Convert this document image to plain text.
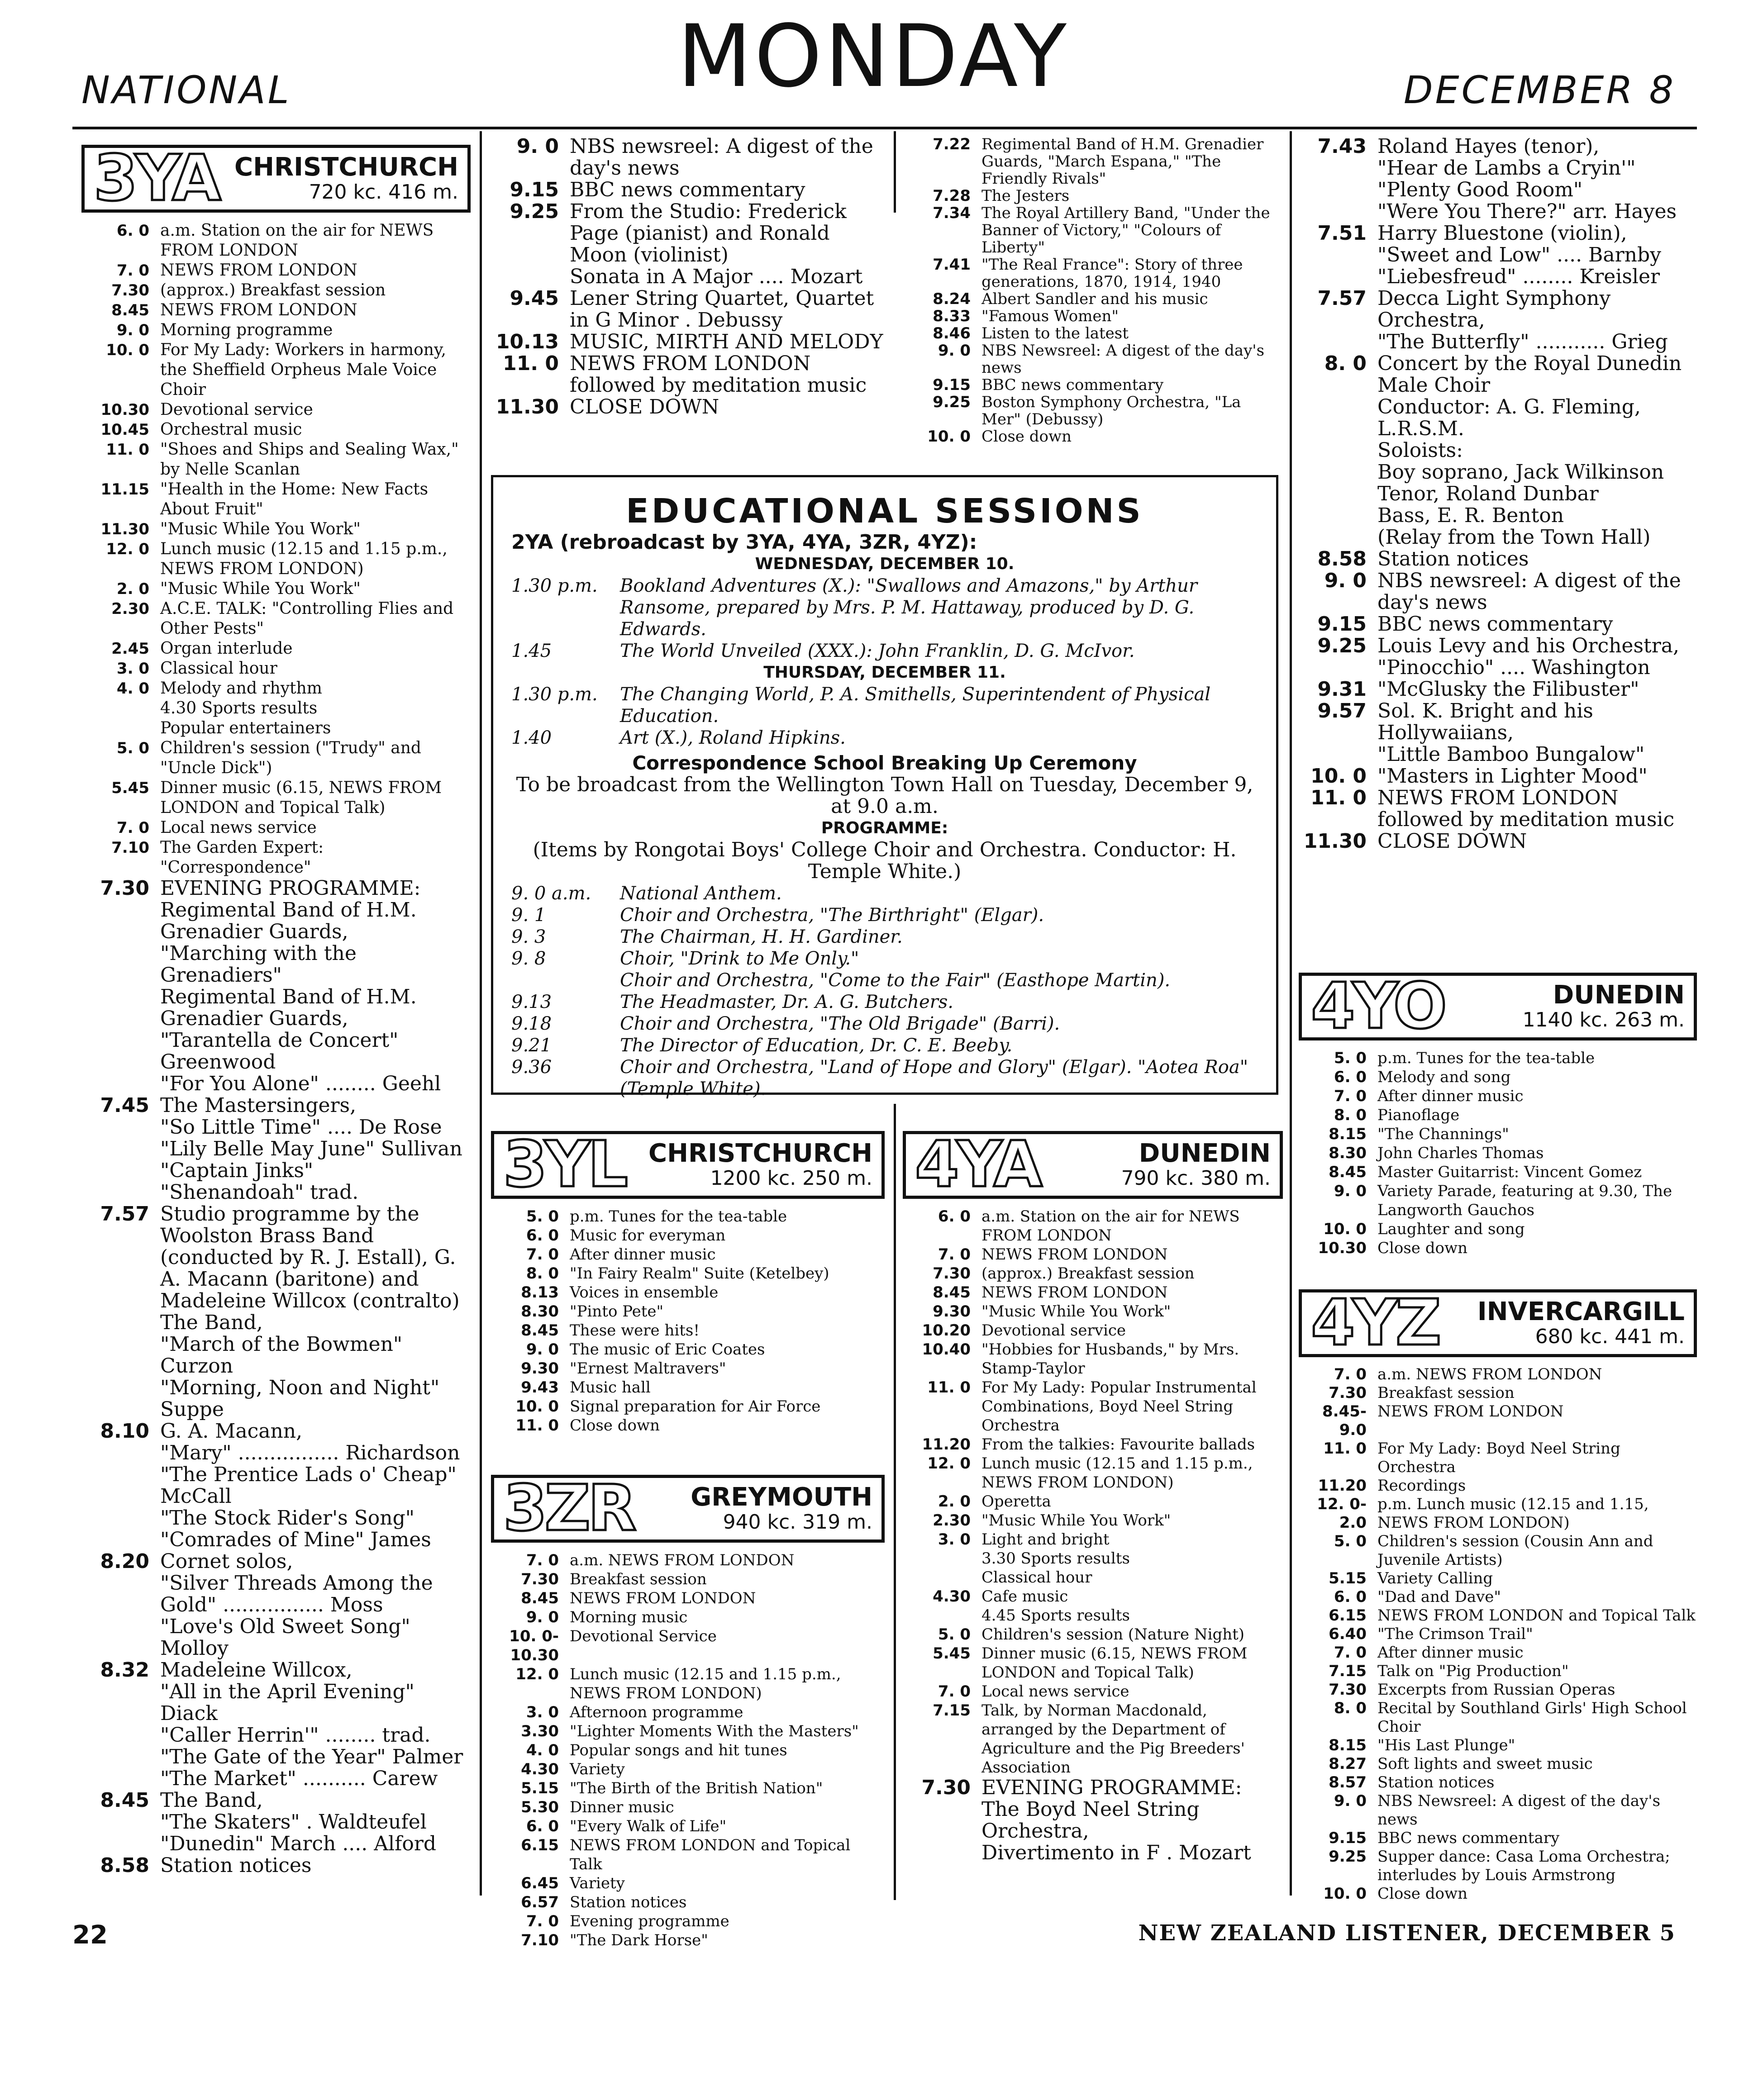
NATIONAL	MONDAY	DECEMBER 8
3YA CHRISTCHURCH
720 kc. 416 m.
6. 0 a.m. Station on the air for NEWS FROM LONDON
7. 0 NEWS FROM LONDON
7.30 (approx.) Breakfast session
8.45 NEWS FROM LONDON
9. 0 Morning programme
10. 0 For My Lady: Workers in harmony, the Sheffield Orpheus Male Voice Choir
10.30 Devotional service
10.45 Orchestral music
11. 0 "Shoes and Ships and Sealing Wax," by Nelle Scanlan
11.15 "Health in the Home: New Facts About Fruit"
11.30 "Music While You Work"
12. 0 Lunch music (12.15 and 1.15 p.m., NEWS FROM LONDON)
2. 0 "Music While You Work"
2.30 A.C.E. TALK: "Controlling Flies and Other Pests"
2.45 Organ interlude
3. 0 Classical hour
4. 0 Melody and rhythm
4.30 Sports results
Popular entertainers
5. 0 Children's session ("Trudy" and "Uncle Dick")
5.45 Dinner music (6.15, NEWS FROM LONDON and Topical Talk)
7. 0 Local news service
7.10 The Garden Expert: "Correspondence"
7.30 EVENING PROGRAMME:
Regimental Band of H.M. Grenadier Guards,
"Marching with the Grenadiers"
Regimental Band of H.M. Grenadier Guards,
"Tarantella de Concert" Greenwood
"For You Alone" ........ Geehl
7.45 The Mastersingers,
"So Little Time" .... De Rose
"Lily Belle May June" Sullivan
"Captain Jinks"
"Shenandoah" trad.
7.57 Studio programme by the Woolston Brass Band (conducted by R. J. Estall), G. A. Macann (baritone) and Madeleine Willcox (contralto)
The Band,
"March of the Bowmen" Curzon
"Morning, Noon and Night" Suppe
8.10 G. A. Macann,
"Mary" ................ Richardson
"The Prentice Lads o' Cheap" McCall
"The Stock Rider's Song"
"Comrades of Mine" James
8.20 Cornet solos,
"Silver Threads Among the Gold" ................ Moss
"Love's Old Sweet Song" Molloy
8.32 Madeleine Willcox,
"All in the April Evening" Diack
"Caller Herrin'" ........ trad.
"The Gate of the Year" Palmer
"The Market" .......... Carew
8.45 The Band,
"The Skaters" . Waldteufel
"Dunedin" March .... Alford
8.58 Station notices
9. 0 NBS newsreel: A digest of the day's news
9.15 BBC news commentary
9.25 From the Studio: Frederick Page (pianist) and Ronald Moon (violinist)
Sonata in A Major .... Mozart
9.45 Lener String Quartet, Quartet in G Minor . Debussy
10.13 MUSIC, MIRTH AND MELODY
11. 0 NEWS FROM LONDON followed by meditation music
11.30 CLOSE DOWN
7.22 Regimental Band of H.M. Grenadier Guards, "March Espana," "The Friendly Rivals"
7.28 The Jesters
7.34 The Royal Artillery Band, "Under the Banner of Victory," "Colours of Liberty"
7.41 "The Real France": Story of three generations, 1870, 1914, 1940
8.24 Albert Sandler and his music
8.33 "Famous Women"
8.46 Listen to the latest
9. 0 NBS Newsreel: A digest of the day's news
9.15 BBC news commentary
9.25 Boston Symphony Orchestra, "La Mer" (Debussy)
10. 0 Close down
EDUCATIONAL SESSIONS
2YA (rebroadcast by 3YA, 4YA, 3ZR, 4YZ):
WEDNESDAY, DECEMBER 10.
1.30 p.m.	Bookland Adventures (X.): "Swallows and Amazons," by Arthur Ransome, prepared by Mrs. P. M. Hattaway, produced by D. G. Edwards.
1.45	The World Unveiled (XXX.): John Franklin, D. G. McIvor.
THURSDAY, DECEMBER 11.
1.30 p.m.	The Changing World, P. A. Smithells, Superintendent of Physical Education.
1.40	Art (X.), Roland Hipkins.
Correspondence School Breaking Up Ceremony
To be broadcast from the Wellington Town Hall on Tuesday, December 9, at 9.0 a.m.
PROGRAMME:
(Items by Rongotai Boys' College Choir and Orchestra. Conductor: H. Temple White.)
9. 0 a.m.	National Anthem.
9. 1	Choir and Orchestra, "The Birthright" (Elgar).
9. 3	The Chairman, H. H. Gardiner.
9. 8	Choir, "Drink to Me Only."
Choir and Orchestra, "Come to the Fair" (Easthope Martin).
9.13	The Headmaster, Dr. A. G. Butchers.
9.18	Choir and Orchestra, "The Old Brigade" (Barri).
9.21	The Director of Education, Dr. C. E. Beeby.
9.36	Choir and Orchestra, "Land of Hope and Glory" (Elgar). "Aotea Roa" (Temple White).
3YL CHRISTCHURCH
1200 kc. 250 m.
5. 0 p.m. Tunes for the tea-table
6. 0 Music for everyman
7. 0 After dinner music
8. 0 "In Fairy Realm" Suite (Ketelbey)
8.13 Voices in ensemble
8.30 "Pinto Pete"
8.45 These were hits!
9. 0 The music of Eric Coates
9.30 "Ernest Maltravers"
9.43 Music hall
10. 0 Signal preparation for Air Force
11. 0 Close down
3ZR	GREYMOUTH
940 kc. 319 m.
7. 0 a.m. NEWS FROM LONDON
7.30 Breakfast session
8.45 NEWS FROM LONDON
9. 0 Morning music
10. 0-10.30
Devotional Service
12. 0 Lunch music (12.15 and 1.15 p.m., NEWS FROM LONDON)
3. 0 Afternoon programme
3.30 "Lighter Moments With the Masters"
4. 0 Popular songs and hit tunes
4.30 Variety
5.15 "The Birth of the British Nation"
5.30 Dinner music
6. 0 "Every Walk of Life"
6.15 NEWS FROM LONDON and Topical Talk
6.45 Variety
6.57 Station notices
7. 0 Evening programme
7.10 "The Dark Horse"
4YA	DUNEDIN
790 kc. 380 m.
6. 0 a.m. Station on the air for NEWS FROM LONDON
7. 0 NEWS FROM LONDON
7.30 (approx.) Breakfast session
8.45 NEWS FROM LONDON
9.30 "Music While You Work"
10.20 Devotional service
10.40 "Hobbies for Husbands," by Mrs. Stamp-Taylor
11. 0 For My Lady: Popular Instrumental Combinations, Boyd Neel String Orchestra
11.20 From the talkies: Favourite ballads
12. 0 Lunch music (12.15 and 1.15 p.m., NEWS FROM LONDON)
2. 0 Operetta
2.30 "Music While You Work"
3. 0 Light and bright
3.30 Sports results
Classical hour
4.30 Cafe music
4.45 Sports results
5. 0 Children's session (Nature Night)
5.45 Dinner music (6.15, NEWS FROM LONDON and Topical Talk)
7. 0 Local news service
7.15 Talk, by Norman Macdonald, arranged by the Department of Agriculture and the Pig Breeders' Association
7.30 EVENING PROGRAMME:
The Boyd Neel String Orchestra,
Divertimento in F . Mozart
7.43 Roland Hayes (tenor),
"Hear de Lambs a Cryin'"
"Plenty Good Room"
"Were You There?" arr. Hayes
7.51 Harry Bluestone (violin),
"Sweet and Low" .... Barnby
"Liebesfreud" ........ Kreisler
7.57 Decca Light Symphony Orchestra,
"The Butterfly" ........... Grieg
8. 0 Concert by the Royal Dunedin Male Choir
Conductor: A. G. Fleming, L.R.S.M.
Soloists:
Boy soprano, Jack Wilkinson
Tenor, Roland Dunbar
Bass, E. R. Benton
(Relay from the Town Hall)
8.58 Station notices
9. 0 NBS newsreel: A digest of the day's news
9.15 BBC news commentary
9.25 Louis Levy and his Orchestra,
"Pinocchio" .... Washington
9.31 "McGlusky the Filibuster"
9.57 Sol. K. Bright and his Hollywaiians,
"Little Bamboo Bungalow"
10. 0 "Masters in Lighter Mood"
11. 0 NEWS FROM LONDON followed by meditation music
11.30 CLOSE DOWN
4YO	DUNEDIN
1140 kc. 263 m.
5. 0 p.m. Tunes for the tea-table
6. 0 Melody and song
7. 0 After dinner music
8. 0 Pianoflage
8.15 "The Channings"
8.30 John Charles Thomas
8.45 Master Guitarrist: Vincent Gomez
9. 0 Variety Parade, featuring at 9.30, The Langworth Gauchos
10. 0 Laughter and song
10.30 Close down
4YZ	INVERCARGILL
680 kc. 441 m.
7. 0 a.m. NEWS FROM LONDON
7.30 Breakfast session
8.45-9.0
NEWS FROM LONDON
11. 0 For My Lady: Boyd Neel String Orchestra
11.20 Recordings
12. 0-2.0
p.m. Lunch music (12.15 and 1.15, NEWS FROM LONDON)
5. 0 Children's session (Cousin Ann and Juvenile Artists)
5.15 Variety Calling
6. 0 "Dad and Dave"
6.15 NEWS FROM LONDON and Topical Talk
6.40 "The Crimson Trail"
7. 0 After dinner music
7.15 Talk on "Pig Production"
7.30 Excerpts from Russian Operas
8. 0 Recital by Southland Girls' High School Choir
8.15 "His Last Plunge"
8.27 Soft lights and sweet music
8.57 Station notices
9. 0 NBS Newsreel: A digest of the day's news
9.15 BBC news commentary
9.25 Supper dance: Casa Loma Orchestra; interludes by Louis Armstrong
10. 0 Close down
22	NEW ZEALAND LISTENER, DECEMBER 5
